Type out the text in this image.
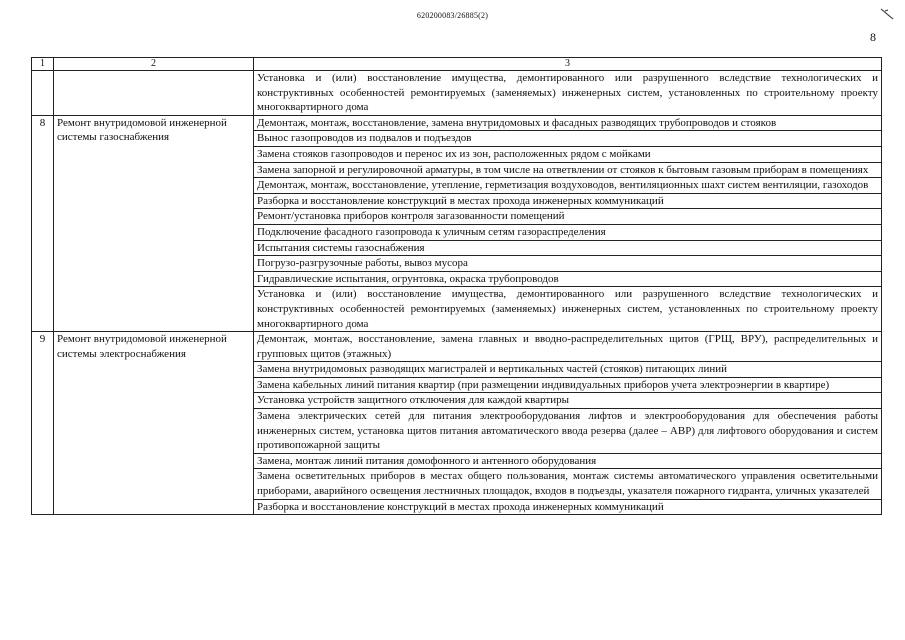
620200083/26885(2)
8
1	2	3
		Установка и (или) восстановление имущества, демонтированного или разрушенного вследствие технологических и конструктивных особенностей ремонтируемых (заменяемых) инженерных систем, установленных по строительному проекту многоквартирного дома
8	Ремонт внутридомовой инженерной системы газоснабжения	Демонтаж, монтаж, восстановление, замена внутридомовых и фасадных разводящих трубопроводов и стояков
		Вынос газопроводов из подвалов и подъездов
		Замена стояков газопроводов и перенос их из зон, расположенных рядом с мойками
		Замена запорной и регулировочной арматуры, в том числе на ответвлении от стояков к бытовым газовым приборам в помещениях
		Демонтаж, монтаж, восстановление, утепление, герметизация воздуховодов, вентиляционных шахт систем вентиляции, газоходов
		Разборка и восстановление конструкций в местах прохода инженерных коммуникаций
		Ремонт/установка приборов контроля загазованности помещений
		Подключение фасадного газопровода к уличным сетям газораспределения
		Испытания системы газоснабжения
		Погрузо-разгрузочные работы, вывоз мусора
		Гидравлические испытания, огрунтовка, окраска трубопроводов
		Установка и (или) восстановление имущества, демонтированного или разрушенного вследствие технологических и конструктивных особенностей ремонтируемых (заменяемых) инженерных систем, установленных по строительному проекту многоквартирного дома
9	Ремонт внутридомовой инженерной системы электроснабжения	Демонтаж, монтаж, восстановление, замена главных и вводно-распределительных щитов (ГРЩ, ВРУ), распределительных и групповых щитов (этажных)
		Замена внутридомовых разводящих магистралей и вертикальных частей (стояков) питающих линий
		Замена кабельных линий питания квартир (при размещении индивидуальных приборов учета электроэнергии в квартире)
		Установка устройств защитного отключения для каждой квартиры
		Замена электрических сетей для питания электрооборудования лифтов и электрооборудования для обеспечения работы инженерных систем, установка щитов питания автоматического ввода резерва (далее – АВР) для лифтового оборудования и систем противопожарной защиты
		Замена, монтаж линий питания домофонного и антенного оборудования
		Замена осветительных приборов в местах общего пользования, монтаж системы автоматического управления осветительными приборами, аварийного освещения лестничных площадок, входов в подъезды, указателя пожарного гидранта, уличных указателей
		Разборка и восстановление конструкций в местах прохода инженерных коммуникаций
